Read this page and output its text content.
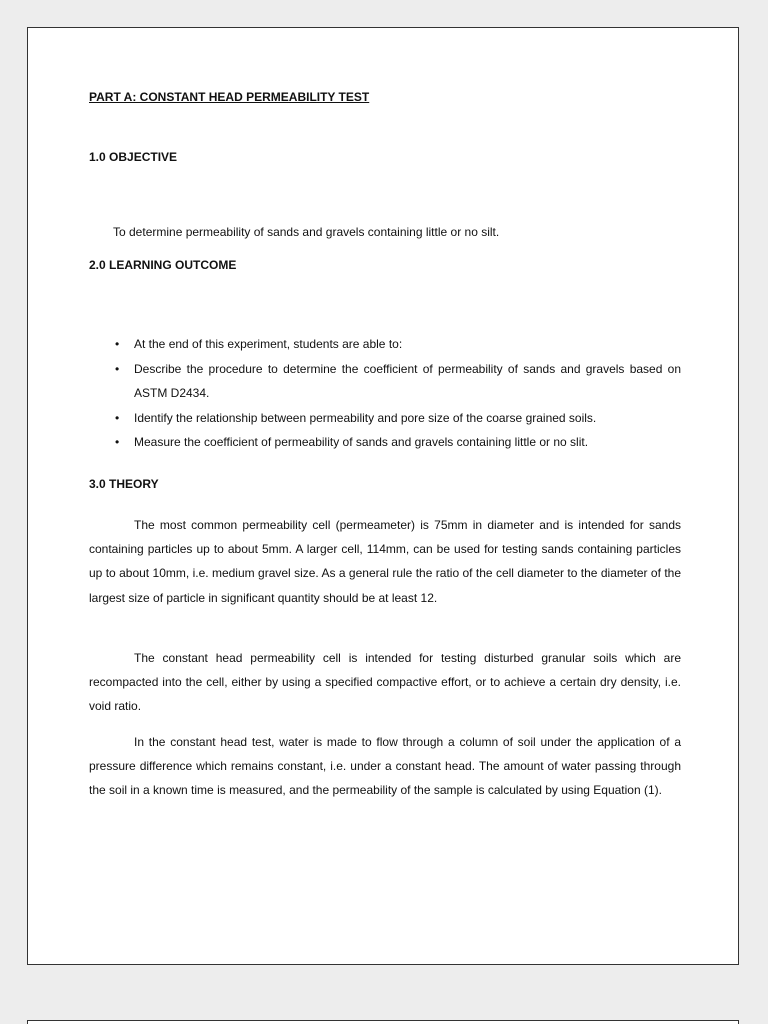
PART A: CONSTANT HEAD PERMEABILITY TEST

1.0 OBJECTIVE

To determine permeability of sands and gravels containing little or no silt.

2.0 LEARNING OUTCOME

• At the end of this experiment, students are able to:
• Describe the procedure to determine the coefficient of permeability of sands and gravels based on ASTM D2434.
• Identify the relationship between permeability and pore size of the coarse grained soils.
• Measure the coefficient of permeability of sands and gravels containing little or no slit.

3.0 THEORY

The most common permeability cell (permeameter) is 75mm in diameter and is intended for sands containing particles up to about 5mm. A larger cell, 114mm, can be used for testing sands containing particles up to about 10mm, i.e. medium gravel size. As a general rule the ratio of the cell diameter to the diameter of the largest size of particle in significant quantity should be at least 12.

The constant head permeability cell is intended for testing disturbed granular soils which are recompacted into the cell, either by using a specified compactive effort, or to achieve a certain dry density, i.e. void ratio.

In the constant head test, water is made to flow through a column of soil under the application of a pressure difference which remains constant, i.e. under a constant head. The amount of water passing through the soil in a known time is measured, and the permeability of the sample is calculated by using Equation (1).
